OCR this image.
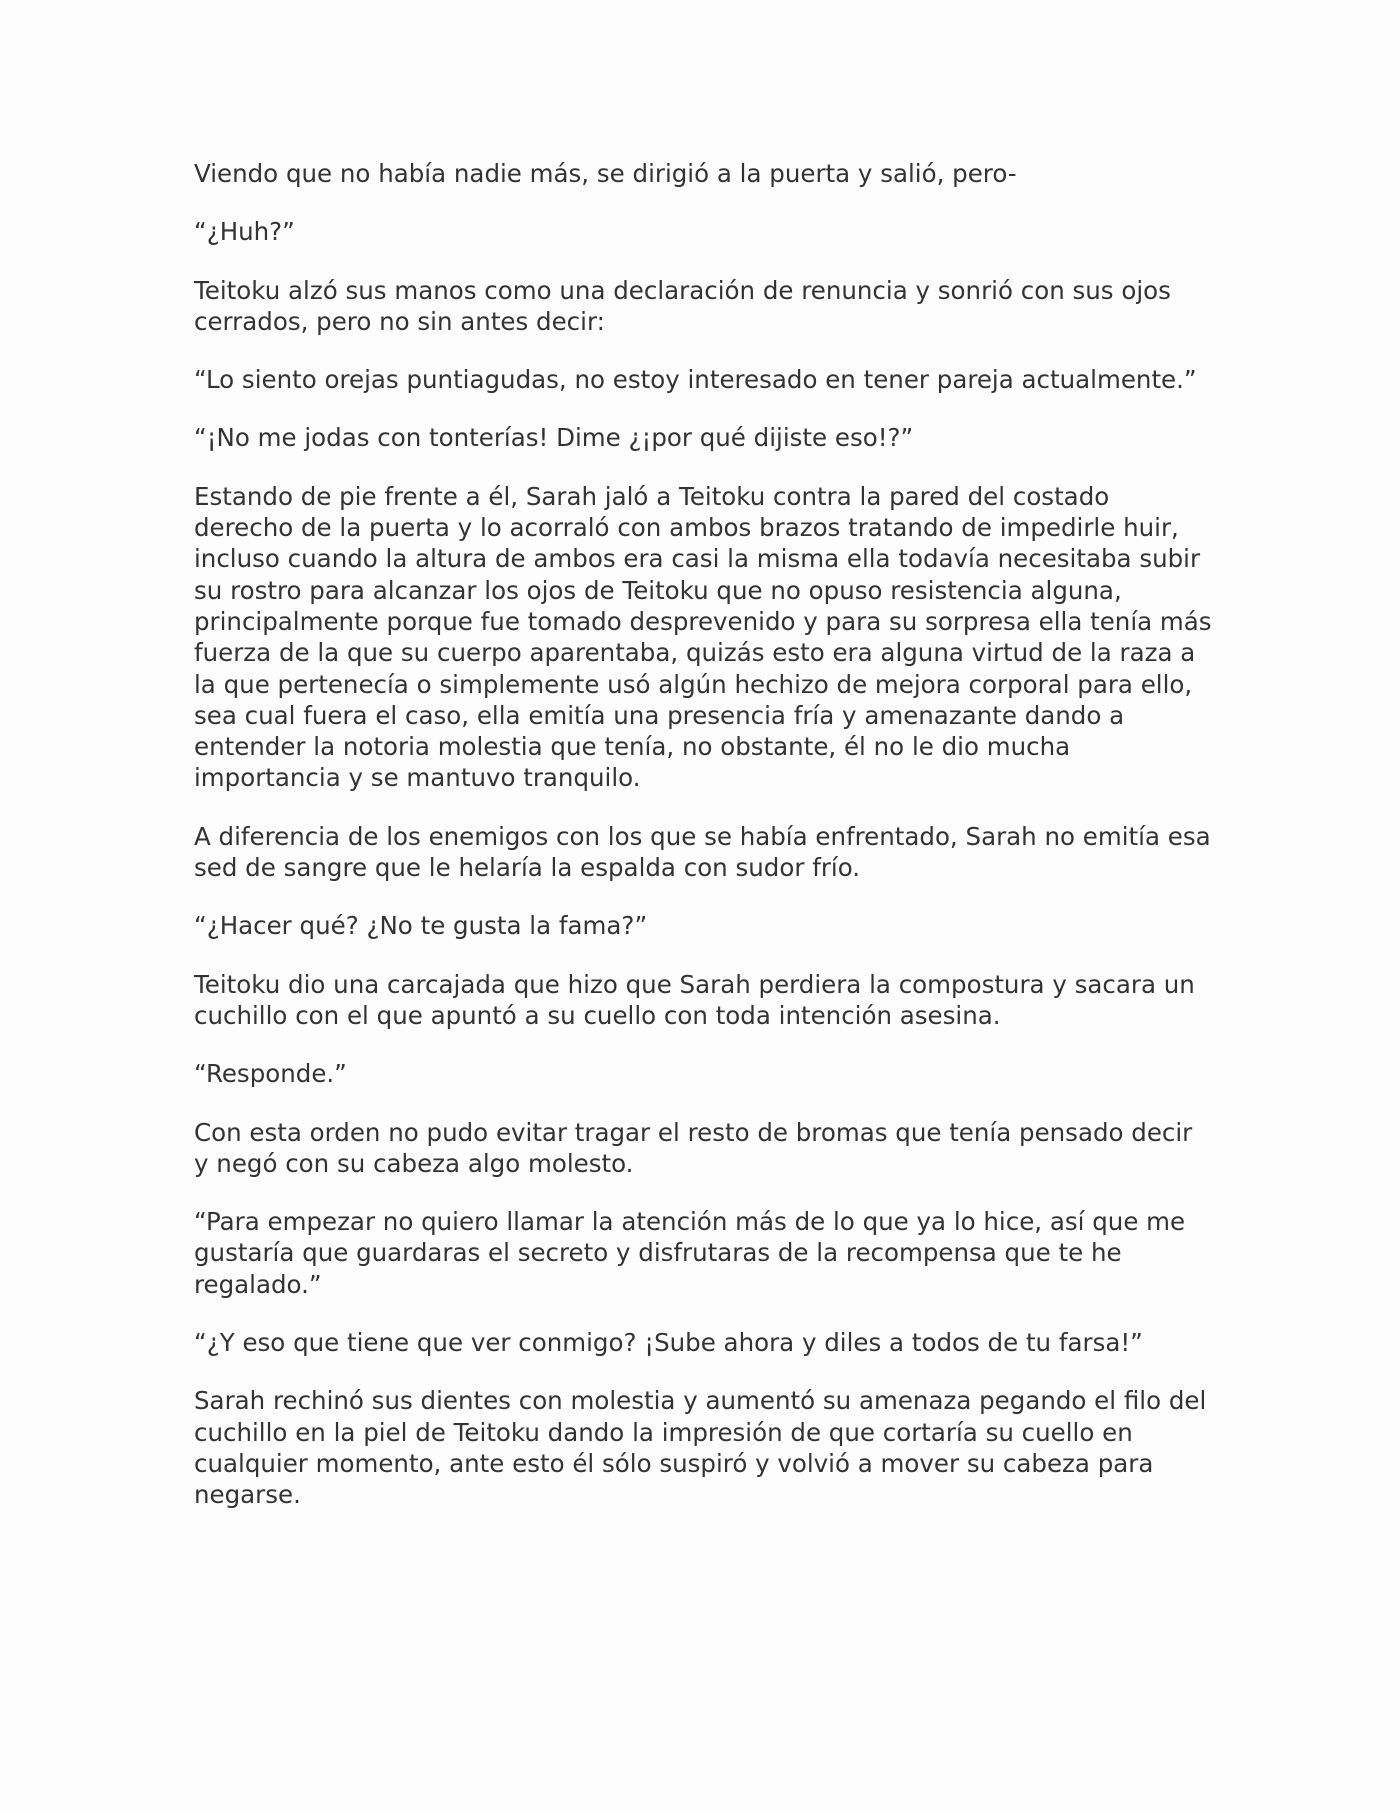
Viendo que no había nadie más, se dirigió a la puerta y salió, pero-

“¿Huh?”

Teitoku alzó sus manos como una declaración de renuncia y sonrió con sus ojos cerrados, pero no sin antes decir:

“Lo siento orejas puntiagudas, no estoy interesado en tener pareja actualmente.”

“¡No me jodas con tonterías! Dime ¿¡por qué dijiste eso!?”

Estando de pie frente a él, Sarah jaló a Teitoku contra la pared del costado derecho de la puerta y lo acorraló con ambos brazos tratando de impedirle huir, incluso cuando la altura de ambos era casi la misma ella todavía necesitaba subir su rostro para alcanzar los ojos de Teitoku que no opuso resistencia alguna, principalmente porque fue tomado desprevenido y para su sorpresa ella tenía más fuerza de la que su cuerpo aparentaba, quizás esto era alguna virtud de la raza a la que pertenecía o simplemente usó algún hechizo de mejora corporal para ello, sea cual fuera el caso, ella emitía una presencia fría y amenazante dando a entender la notoria molestia que tenía, no obstante, él no le dio mucha importancia y se mantuvo tranquilo.

A diferencia de los enemigos con los que se había enfrentado, Sarah no emitía esa sed de sangre que le helaría la espalda con sudor frío.

“¿Hacer qué? ¿No te gusta la fama?”

Teitoku dio una carcajada que hizo que Sarah perdiera la compostura y sacara un cuchillo con el que apuntó a su cuello con toda intención asesina.

“Responde.”

Con esta orden no pudo evitar tragar el resto de bromas que tenía pensado decir y negó con su cabeza algo molesto.

“Para empezar no quiero llamar la atención más de lo que ya lo hice, así que me gustaría que guardaras el secreto y disfrutaras de la recompensa que te he regalado.”

“¿Y eso que tiene que ver conmigo? ¡Sube ahora y diles a todos de tu farsa!”

Sarah rechinó sus dientes con molestia y aumentó su amenaza pegando el filo del cuchillo en la piel de Teitoku dando la impresión de que cortaría su cuello en cualquier momento, ante esto él sólo suspiró y volvió a mover su cabeza para negarse.
